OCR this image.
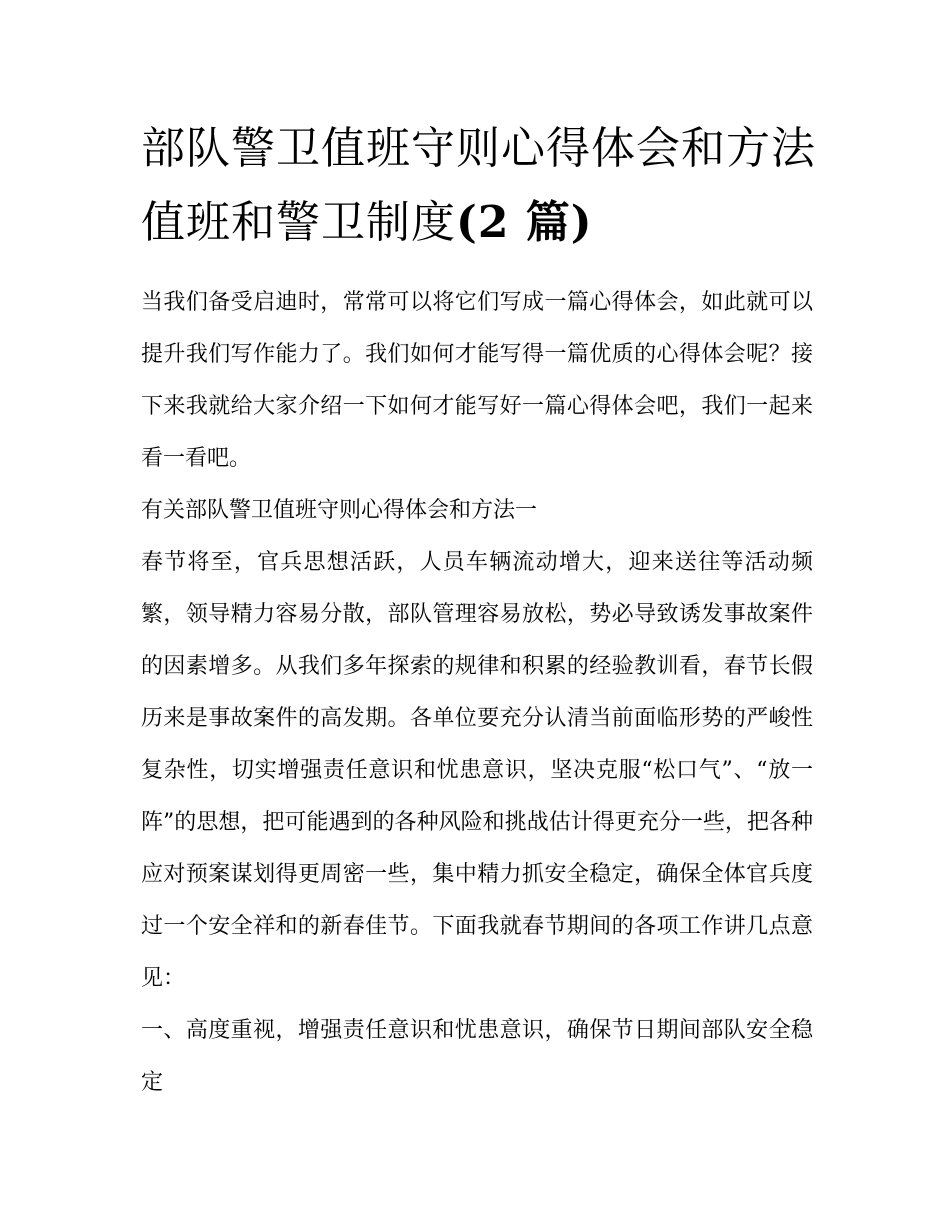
部队警卫值班守则心得体会和方法 值班和警卫制度(2 篇)

当我们备受启迪时，常常可以将它们写成一篇心得体会，如此就可以提升我们写作能力了。我们如何才能写得一篇优质的心得体会呢？接下来我就给大家介绍一下如何才能写好一篇心得体会吧，我们一起来看一看吧。

有关部队警卫值班守则心得体会和方法一

春节将至，官兵思想活跃，人员车辆流动增大，迎来送往等活动频繁，领导精力容易分散，部队管理容易放松，势必导致诱发事故案件的因素增多。从我们多年探索的规律和积累的经验教训看，春节长假历来是事故案件的高发期。各单位要充分认清当前面临形势的严峻性复杂性，切实增强责任意识和忧患意识，坚决克服“松口气”、“放一阵”的思想，把可能遇到的各种风险和挑战估计得更充分一些，把各种应对预案谋划得更周密一些，集中精力抓安全稳定，确保全体官兵度过一个安全祥和的新春佳节。下面我就春节期间的各项工作讲几点意见：

一、高度重视，增强责任意识和忧患意识，确保节日期间部队安全稳定
